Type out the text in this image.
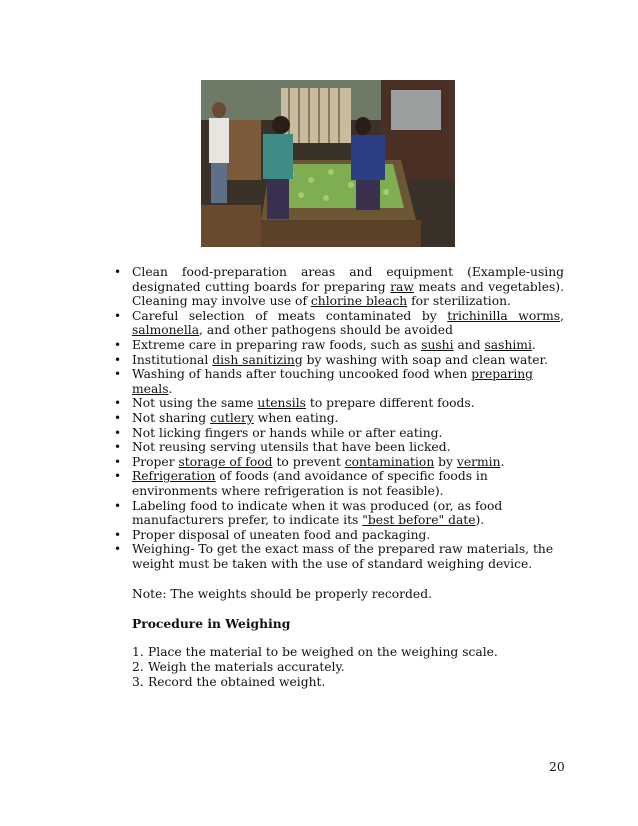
• Clean food-preparation areas and equipment (Example-using designated cutting boards for preparing raw meats and vegetables). Cleaning may involve use of chlorine bleach for sterilization.
• Careful selection of meats contaminated by trichinilla worms, salmonella, and other pathogens should be avoided
• Extreme care in preparing raw foods, such as sushi and sashimi.
• Institutional dish sanitizing by washing with soap and clean water.
• Washing of hands after touching uncooked food when preparing meals.
• Not using the same utensils to prepare different foods.
• Not sharing cutlery when eating.
• Not licking fingers or hands while or after eating.
• Not reusing serving utensils that have been licked.
• Proper storage of food to prevent contamination by vermin.
• Refrigeration of foods (and avoidance of specific foods in environments where refrigeration is not feasible).
• Labeling food to indicate when it was produced (or, as food manufacturers prefer, to indicate its "best before" date).
• Proper disposal of uneaten food and packaging.
• Weighing- To get the exact mass of the prepared raw materials, the weight must be taken with the use of standard weighing device.

Note: The weights should be properly recorded.

Procedure in Weighing

1. Place the material to be weighed on the weighing scale.
2. Weigh the materials accurately.
3. Record the obtained weight.
20
